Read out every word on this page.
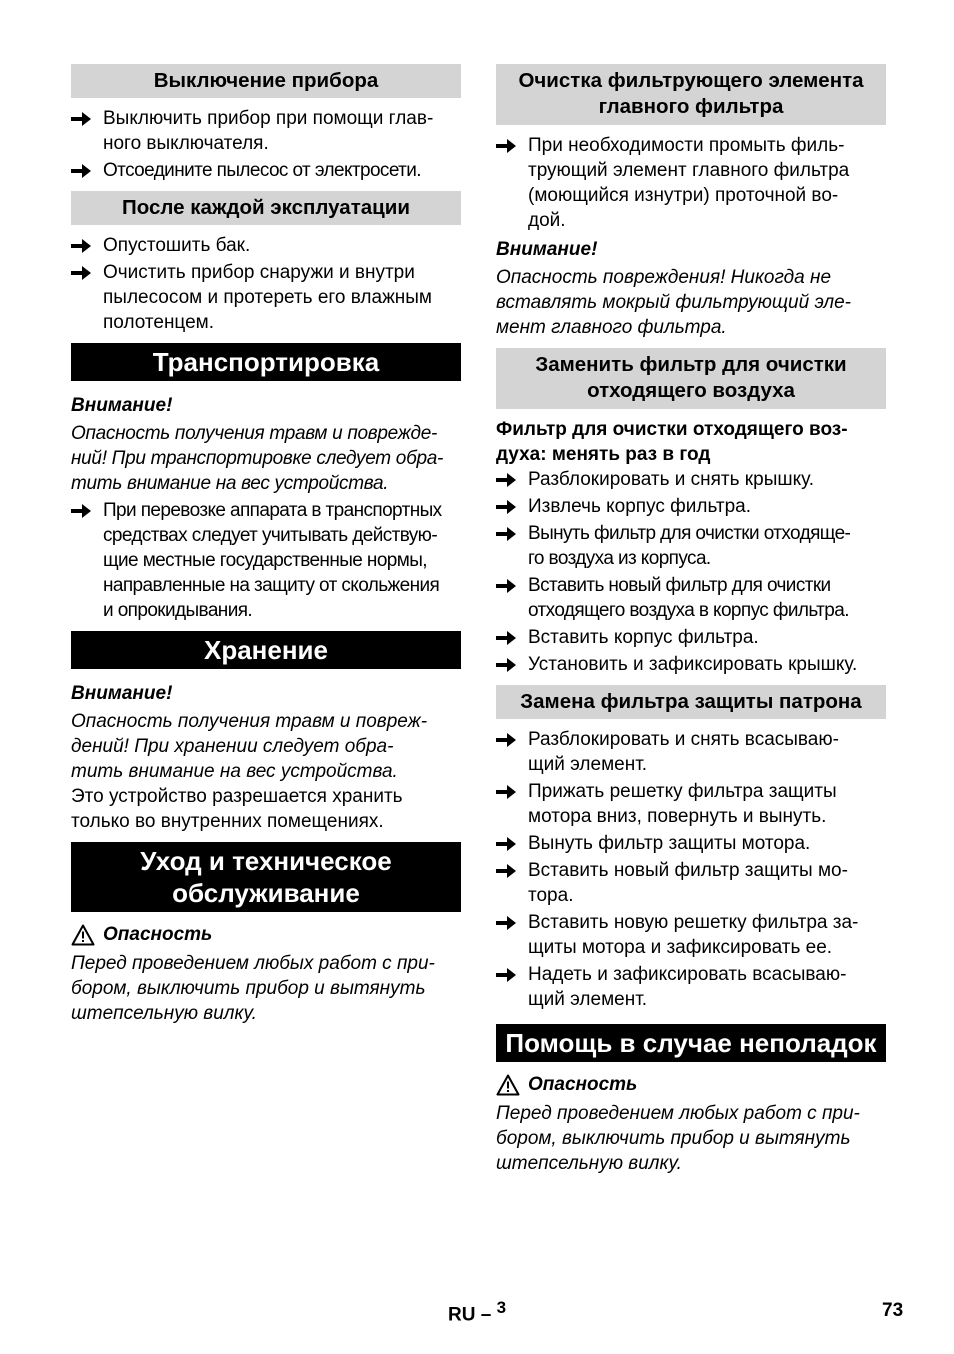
Выключение прибора
Выключить прибор при помощи глав-
ного выключателя.
Отсоедините пылесос от электросети.
После каждой эксплуатации
Опустошить бак.
Очистить прибор снаружи и внутри
пылесосом и протереть его влажным
полотенцем.
Транспортировка
Внимание!
Опасность получения травм и поврежде-
ний! При транспортировке следует обра-
тить внимание на вес устройства.
При перевозке аппарата в транспортных
средствах следует учитывать действую-
щие местные государственные нормы,
направленные на защиту от скольжения
и опрокидывания.
Хранение
Внимание!
Опасность получения травм и повреж-
дений! При хранении следует обра-
тить внимание на вес устройства.
Это устройство разрешается хранить
только во внутренних помещениях.
Уход и техническое
обслуживание
Опасность
Перед проведением любых работ с при-
бором, выключить прибор и вытянуть
штепсельную вилку.
Очистка фильтрующего элемента
главного фильтра
При необходимости промыть филь-
трующий элемент главного фильтра
(моющийся изнутри) проточной во-
дой.
Внимание!
Опасность повреждения! Никогда не
вставлять мокрый фильтрующий эле-
мент главного фильтра.
Заменить фильтр для очистки
отходящего воздуха
Фильтр для очистки отходящего воз-
духа: менять раз в год
Разблокировать и снять крышку.
Извлечь корпус фильтра.
Вынуть фильтр для очистки отходяще-
го воздуха из корпуса.
Вставить новый фильтр для очистки
отходящего воздуха в корпус фильтра.
Вставить корпус фильтра.
Установить и зафиксировать крышку.
Замена фильтра защиты патрона
Разблокировать и снять всасываю-
щий элемент.
Прижать решетку фильтра защиты
мотора вниз, повернуть и вынуть.
Вынуть фильтр защиты мотора.
Вставить новый фильтр защиты мо-
тора.
Вставить новую решетку фильтра за-
щиты мотора и зафиксировать ее.
Надеть и зафиксировать всасываю-
щий элемент.
Помощь в случае неполадок
Опасность
Перед проведением любых работ с при-
бором, выключить прибор и вытянуть
штепсельную вилку.
RU – $^3$	73
